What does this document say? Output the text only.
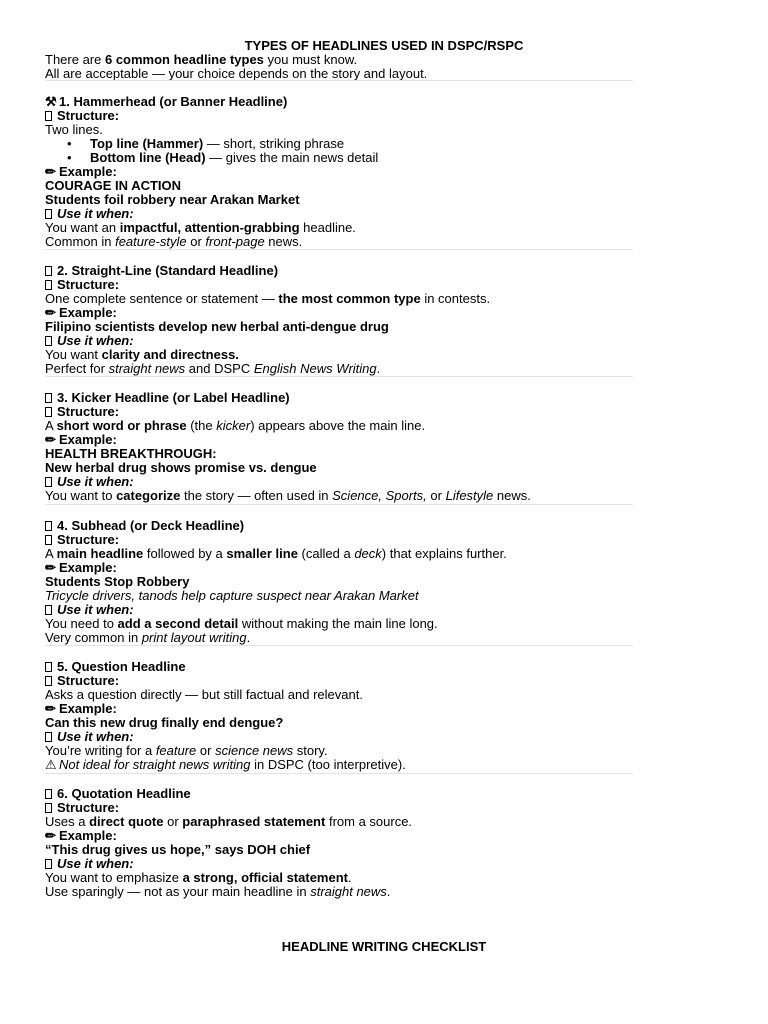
TYPES OF HEADLINES USED IN DSPC/RSPC
There are 6 common headline types you must know.
All are acceptable — your choice depends on the story and layout.
⚒ 1. Hammerhead (or Banner Headline)
Structure:
Two lines.
• Top line (Hammer) — short, striking phrase
• Bottom line (Head) — gives the main news detail
✏ Example:
COURAGE IN ACTION
Students foil robbery near Arakan Market
Use it when:
You want an impactful, attention-grabbing headline.
Common in feature-style or front-page news.
2. Straight-Line (Standard Headline)
Structure:
One complete sentence or statement — the most common type in contests.
✏ Example:
Filipino scientists develop new herbal anti-dengue drug
Use it when:
You want clarity and directness.
Perfect for straight news and DSPC English News Writing.
3. Kicker Headline (or Label Headline)
Structure:
A short word or phrase (the kicker) appears above the main line.
✏ Example:
HEALTH BREAKTHROUGH:
New herbal drug shows promise vs. dengue
Use it when:
You want to categorize the story — often used in Science, Sports, or Lifestyle news.
4. Subhead (or Deck Headline)
Structure:
A main headline followed by a smaller line (called a deck) that explains further.
✏ Example:
Students Stop Robbery
Tricycle drivers, tanods help capture suspect near Arakan Market
Use it when:
You need to add a second detail without making the main line long.
Very common in print layout writing.
5. Question Headline
Structure:
Asks a question directly — but still factual and relevant.
✏ Example:
Can this new drug finally end dengue?
Use it when:
You’re writing for a feature or science news story.
⚠ Not ideal for straight news writing in DSPC (too interpretive).
6. Quotation Headline
Structure:
Uses a direct quote or paraphrased statement from a source.
✏ Example:
“This drug gives us hope,” says DOH chief
Use it when:
You want to emphasize a strong, official statement.
Use sparingly — not as your main headline in straight news.
HEADLINE WRITING CHECKLIST
